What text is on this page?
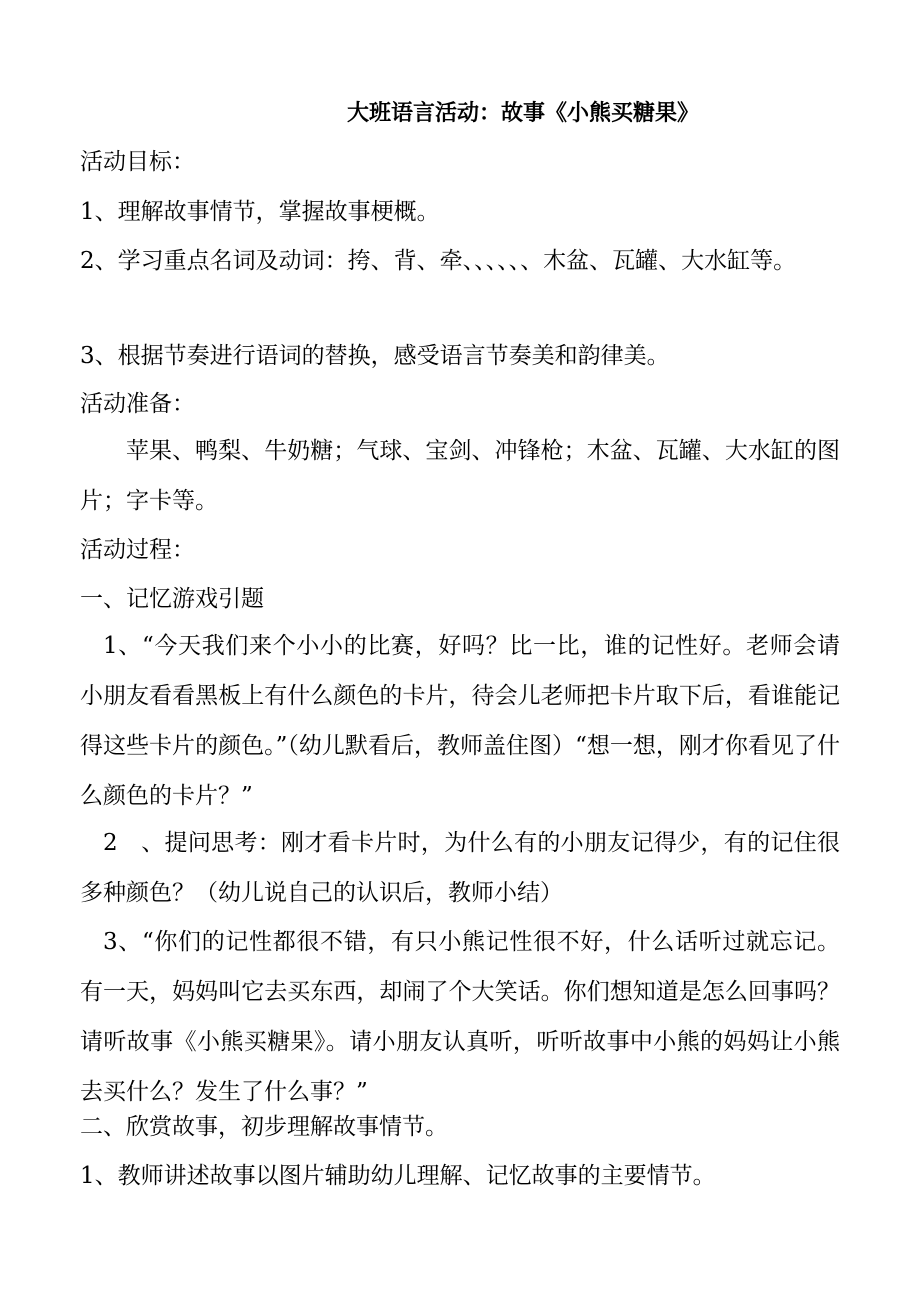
大班语言活动：故事《小熊买糖果》
活动目标：
1、理解故事情节，掌握故事梗概。
2、学习重点名词及动词：挎、背、牵、、、、、、木盆、瓦罐、大水缸等。
3、根据节奏进行语词的替换，感受语言节奏美和韵律美。
活动准备：
苹果、鸭梨、牛奶糖；气球、宝剑、冲锋枪；木盆、瓦罐、大水缸的图片；字卡等。
活动过程：
一、记忆游戏引题
1、“今天我们来个小小的比赛，好吗？比一比，谁的记性好。老师会请小朋友看看黑板上有什么颜色的卡片，待会儿老师把卡片取下后，看谁能记得这些卡片的颜色。”（幼儿默看后，教师盖住图）“想一想，刚才你看见了什么颜色的卡片？”
2　、提问思考：刚才看卡片时，为什么有的小朋友记得少，有的记住很多种颜色？（幼儿说自己的认识后，教师小结）
3、“你们的记性都很不错，有只小熊记性很不好，什么话听过就忘记。有一天，妈妈叫它去买东西，却闹了个大笑话。你们想知道是怎么回事吗？请听故事《小熊买糖果》。请小朋友认真听，听听故事中小熊的妈妈让小熊去买什么？发生了什么事？”
二、欣赏故事，初步理解故事情节。
1、教师讲述故事以图片辅助幼儿理解、记忆故事的主要情节。
